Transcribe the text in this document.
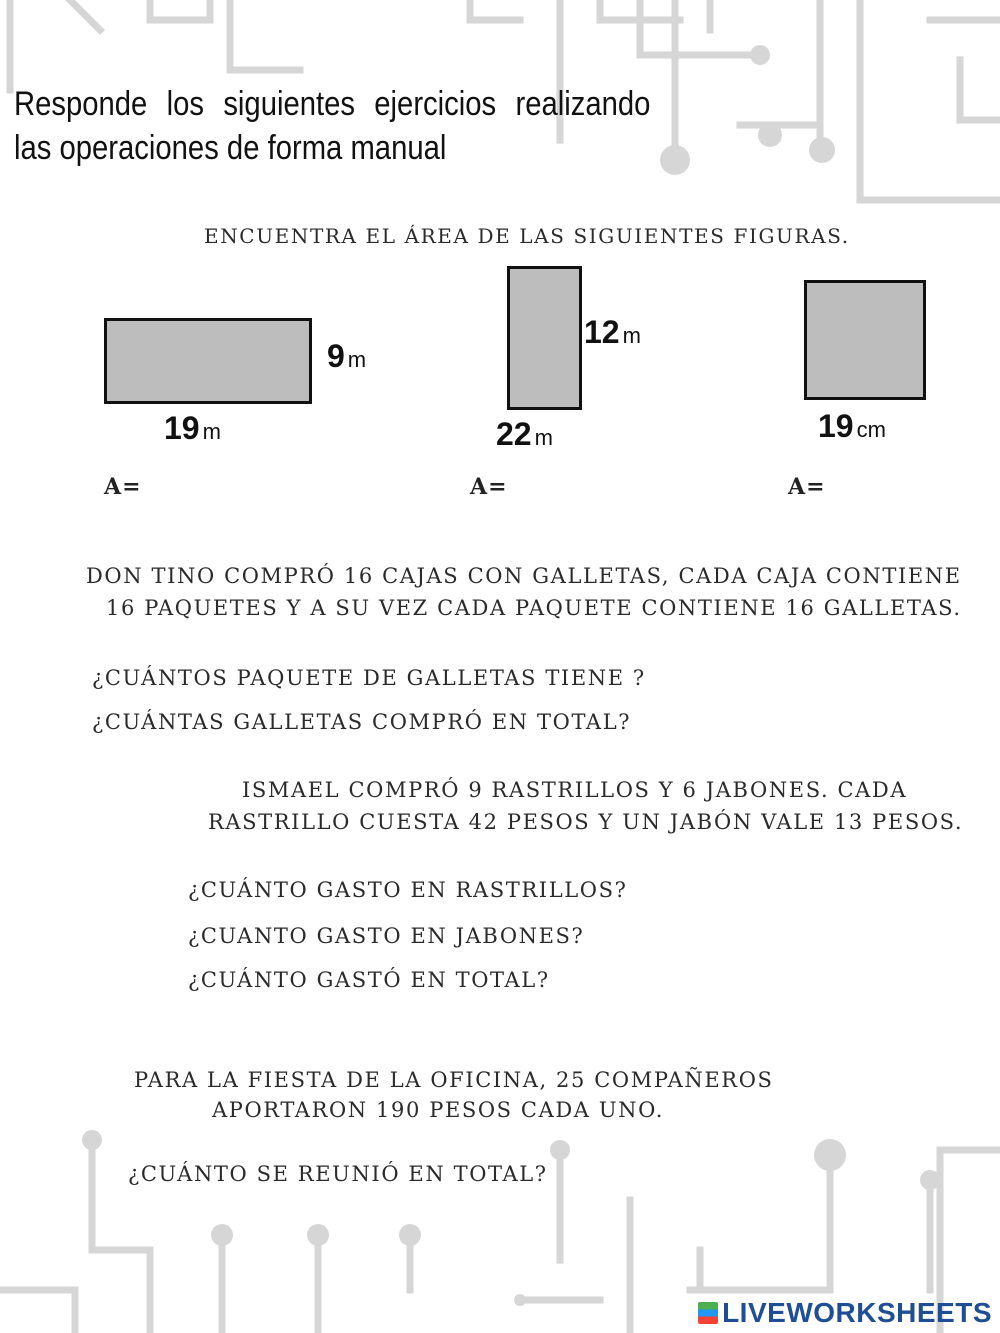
Responde los siguientes ejercicios realizando las operaciones de forma manual
ENCUENTRA EL ÁREA DE LAS SIGUIENTES FIGURAS.
9 m
19 m
A=
12 m
22 m
A=
19 cm
A=
DON TINO COMPRÓ 16 CAJAS CON GALLETAS, CADA CAJA CONTIENE
16 PAQUETES Y A SU VEZ CADA PAQUETE CONTIENE 16 GALLETAS.
¿CUÁNTOS PAQUETE DE GALLETAS TIENE ?
¿CUÁNTAS GALLETAS COMPRÓ EN TOTAL?
ISMAEL COMPRÓ 9 RASTRILLOS Y 6 JABONES. CADA
RASTRILLO CUESTA 42 PESOS Y UN JABÓN VALE 13 PESOS.
¿CUÁNTO GASTO EN RASTRILLOS?
¿CUANTO GASTO EN JABONES?
¿CUÁNTO GASTÓ EN TOTAL?
PARA LA FIESTA DE LA OFICINA, 25 COMPAÑEROS
APORTARON 190 PESOS CADA UNO.
¿CUÁNTO SE REUNIÓ EN TOTAL?
LIVEWORKSHEETS
